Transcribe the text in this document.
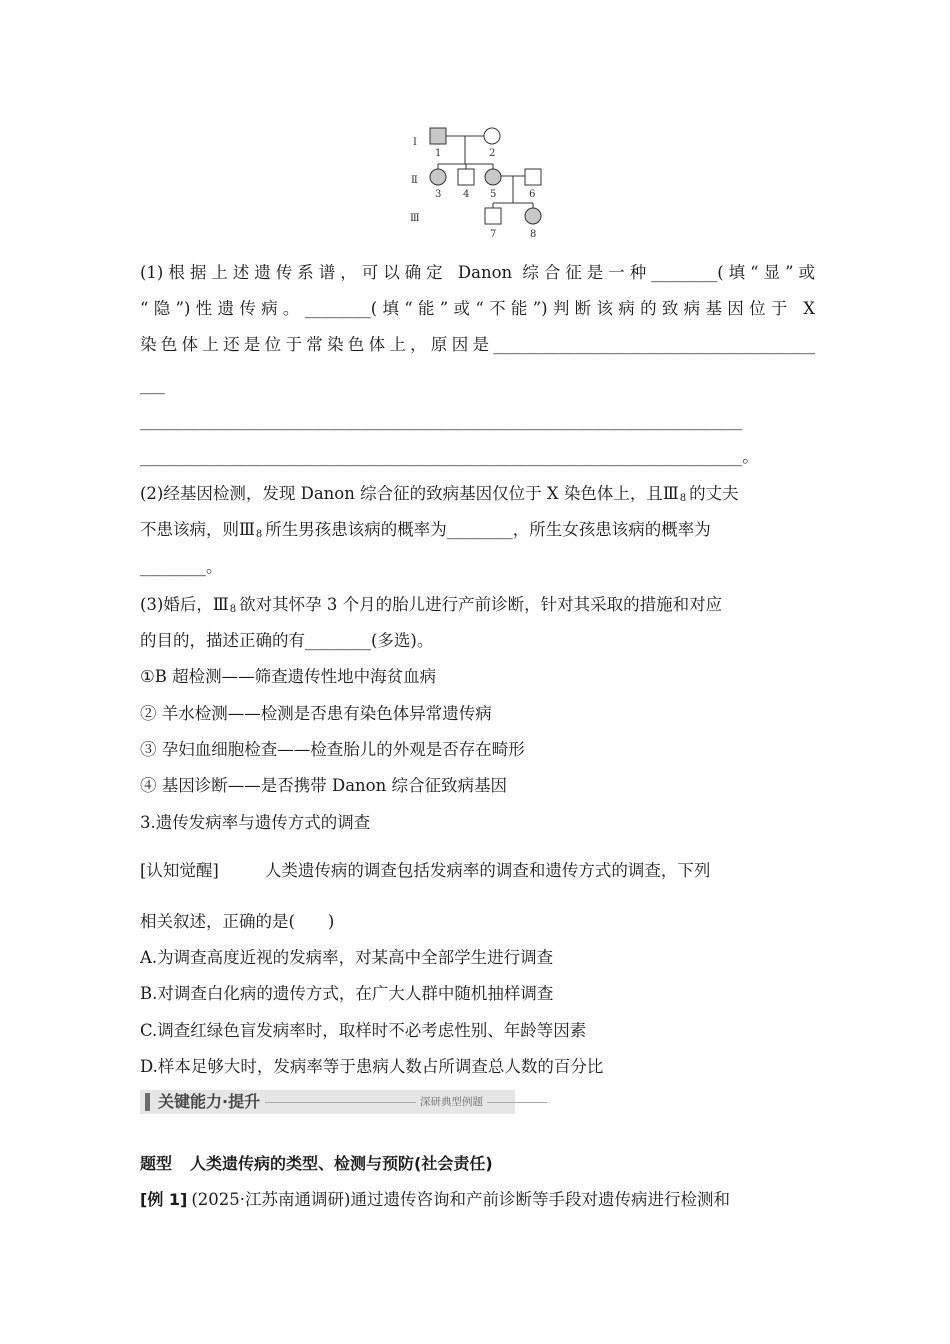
Ⅰ
Ⅱ
Ⅲ
1	2
3 4 5	6
7	8
(1)根据上述遗传系谱，可以确定 Danon 综合征是一种________(填“显”或
“隐”)性遗传病。________(填“能”或“不能”)判断该病的致病基因位于 X
染色体上还是位于常染色体上，原因是_______________________________________
___
_________________________________________________________________________
_________________________________________________________________________。
(2)经基因检测，发现 Danon 综合征的致病基因仅位于 X 染色体上，且$Ⅲ_8$ 的丈夫
不患该病，则$Ⅲ_8$ 所生男孩患该病的概率为________，所生女孩患该病的概率为
________。
(3)婚后，$Ⅲ_8$ 欲对其怀孕 3 个月的胎儿进行产前诊断，针对其采取的措施和对应
的目的，描述正确的有________(多选)。
①B 超检测——筛查遗传性地中海贫血病
② 羊水检测——检测是否患有染色体异常遗传病
③ 孕妇血细胞检查——检查胎儿的外观是否存在畸形
④ 基因诊断——是否携带 Danon 综合征致病基因
3.遗传发病率与遗传方式的调查
[认知觉醒]	人类遗传病的调查包括发病率的调查和遗传方式的调查，下列
相关叙述，正确的是(　　)
A.为调查高度近视的发病率，对某高中全部学生进行调查
B.对调查白化病的遗传方式，在广大人群中随机抽样调查
C.调查红绿色盲发病率时，取样时不必考虑性别、年龄等因素
D.样本足够大时，发病率等于患病人数占所调查总人数的百分比
关键能力·提升	深研典型例题
题型 人类遗传病的类型、检测与预防(社会责任)
[例 1] (2025·江苏南通调研)通过遗传咨询和产前诊断等手段对遗传病进行检测和
